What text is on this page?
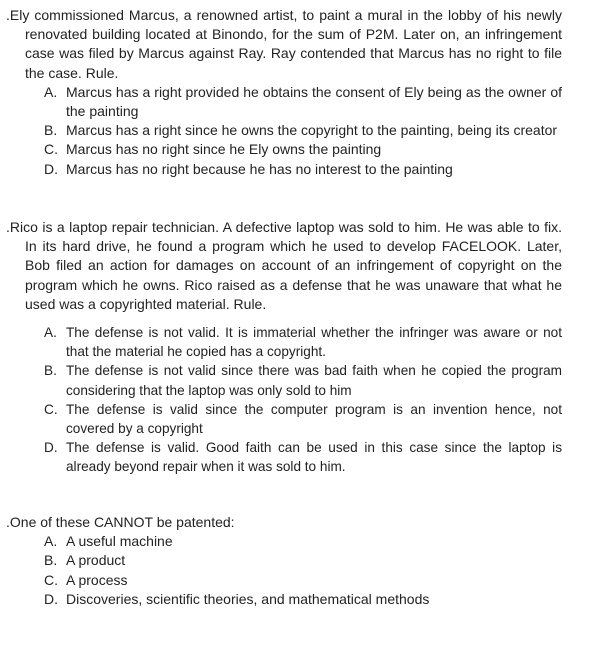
.Ely commissioned Marcus, a renowned artist, to paint a mural in the lobby of his newly renovated building located at Binondo, for the sum of P2M. Later on, an infringement case was filed by Marcus against Ray. Ray contended that Marcus has no right to file the case. Rule.
A. Marcus has a right provided he obtains the consent of Ely being as the owner of the painting
B. Marcus has a right since he owns the copyright to the painting, being its creator
C. Marcus has no right since he Ely owns the painting
D. Marcus has no right because he has no interest to the painting
.Rico is a laptop repair technician. A defective laptop was sold to him. He was able to fix. In its hard drive, he found a program which he used to develop FACELOOK. Later, Bob filed an action for damages on account of an infringement of copyright on the program which he owns. Rico raised as a defense that he was unaware that what he used was a copyrighted material. Rule.
A. The defense is not valid. It is immaterial whether the infringer was aware or not that the material he copied has a copyright.
B. The defense is not valid since there was bad faith when he copied the program considering that the laptop was only sold to him
C. The defense is valid since the computer program is an invention hence, not covered by a copyright
D. The defense is valid. Good faith can be used in this case since the laptop is already beyond repair when it was sold to him.
.One of these CANNOT be patented:
A. A useful machine
B. A product
C. A process
D. Discoveries, scientific theories, and mathematical methods
